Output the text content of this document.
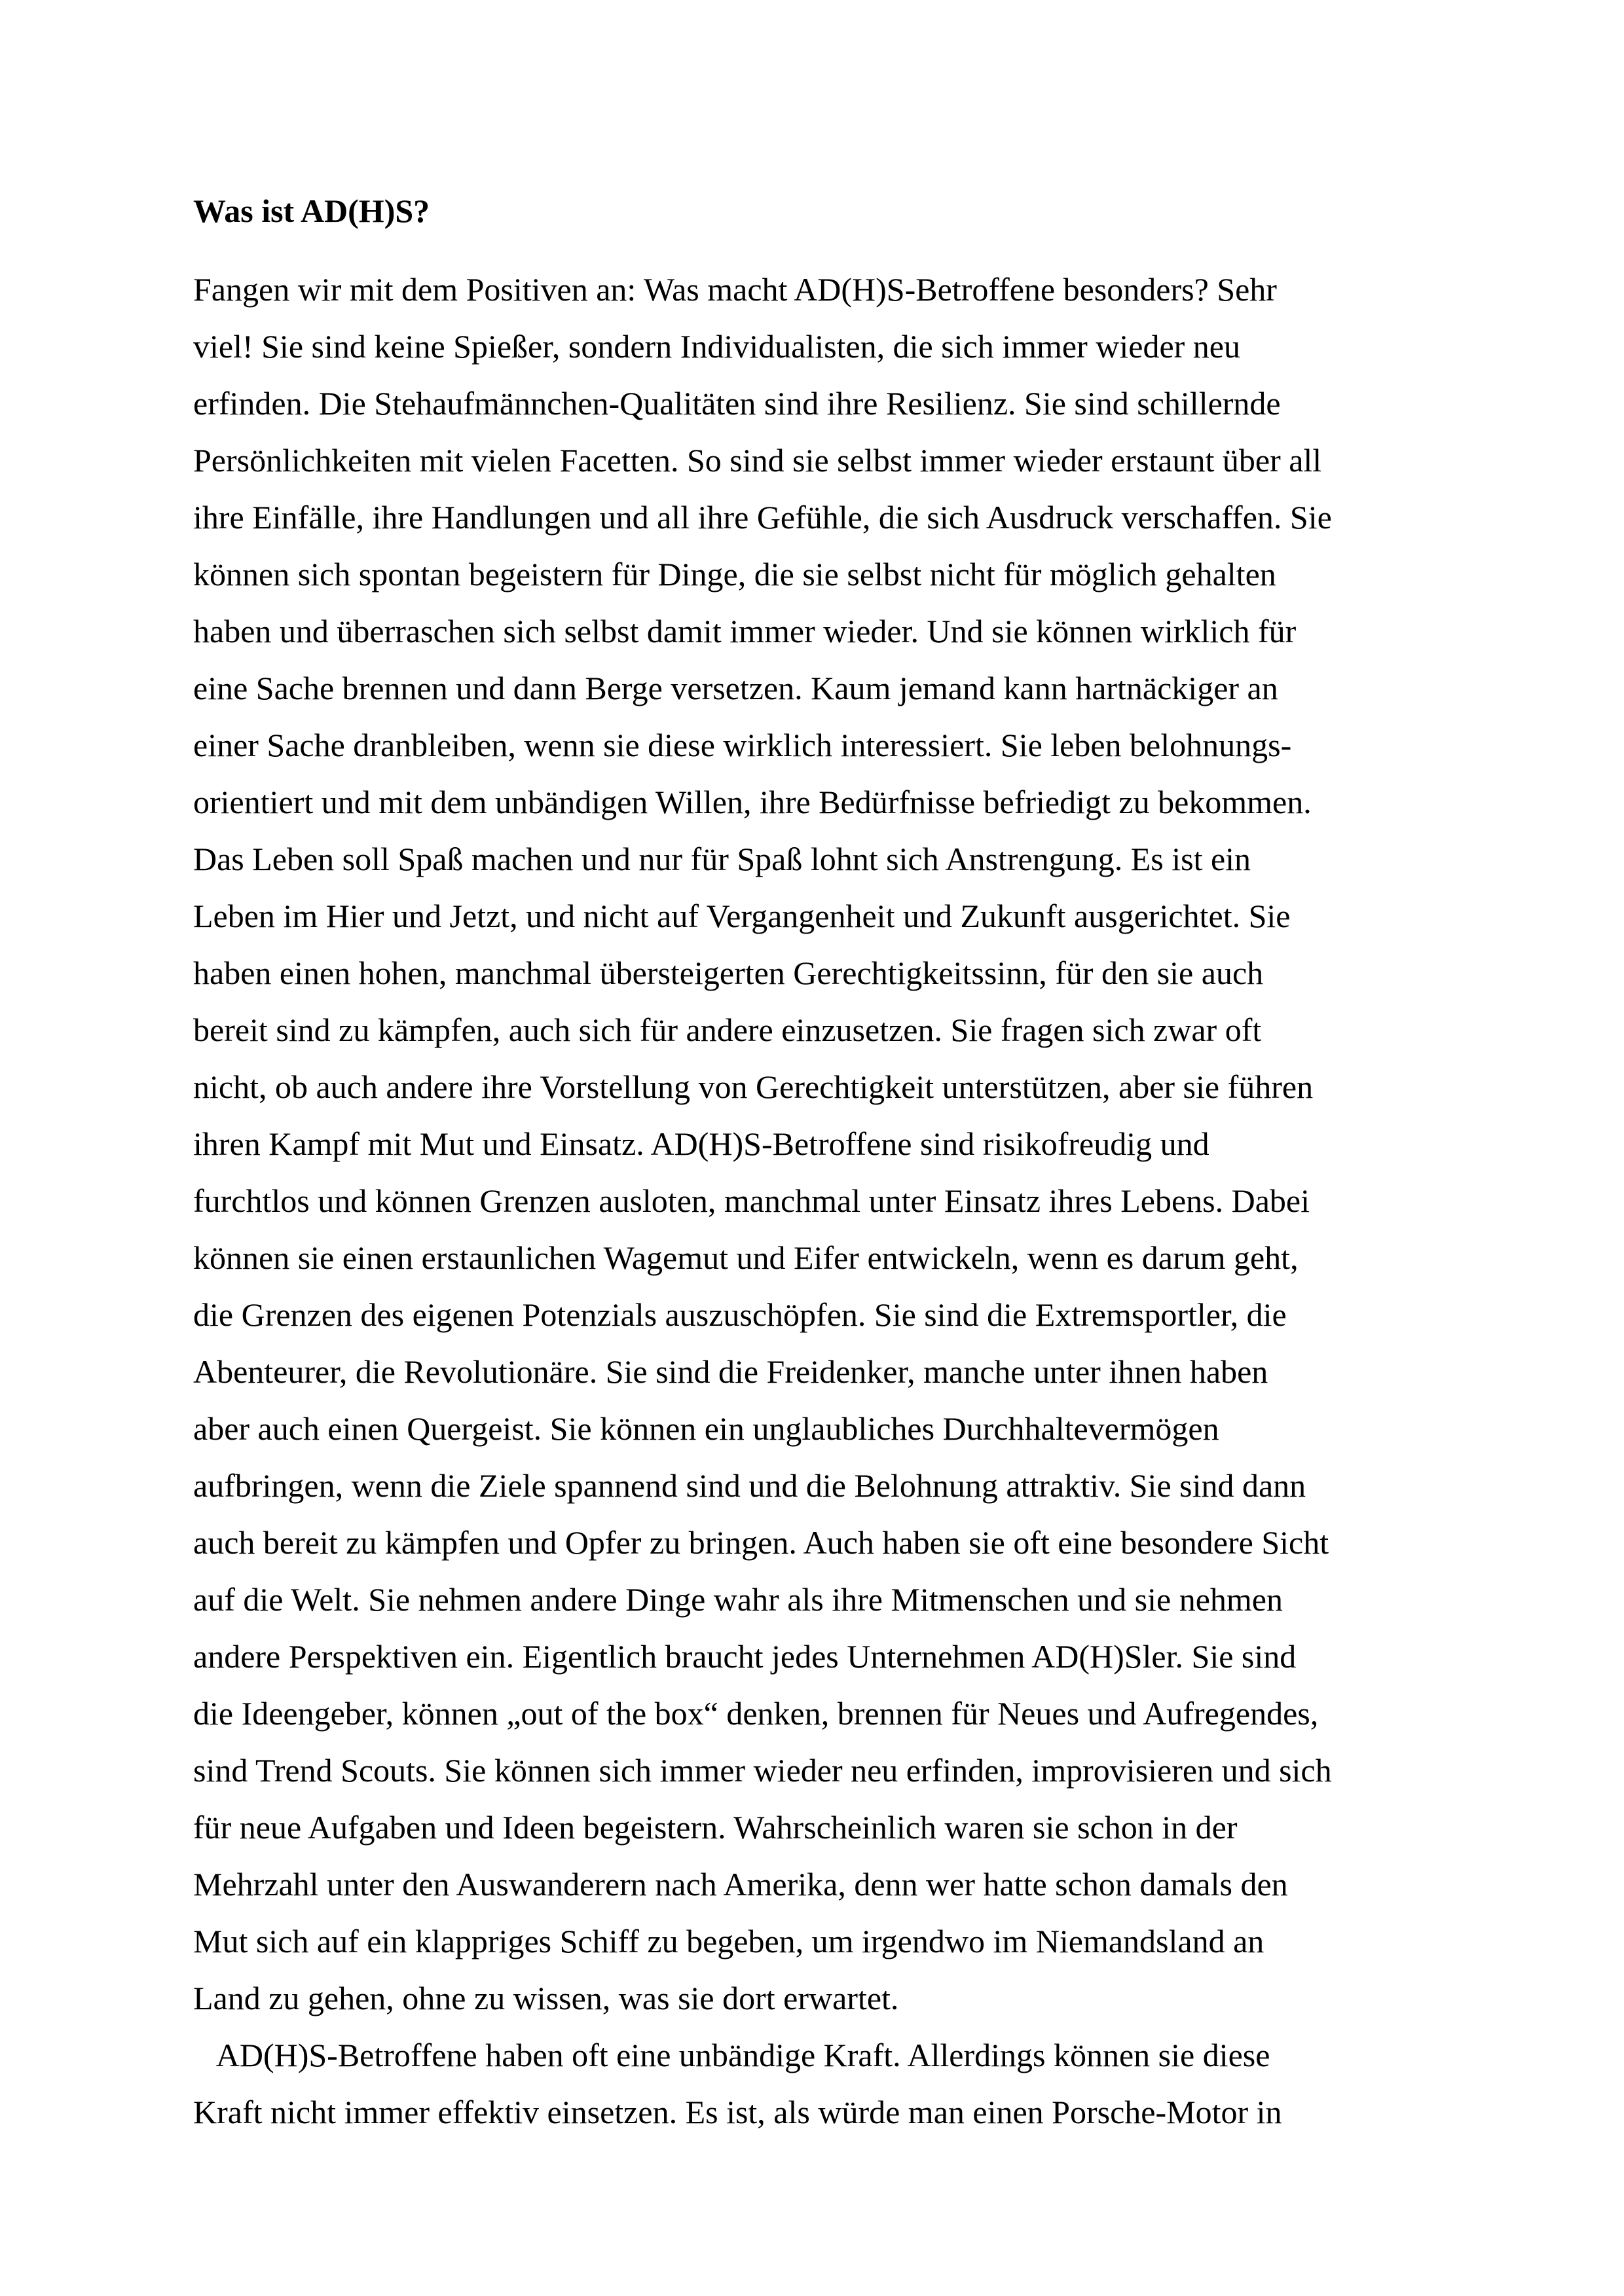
Was ist AD(H)S?
Fangen wir mit dem Positiven an: Was macht AD(H)S-Betroffene besonders? Sehr
viel! Sie sind keine Spießer, sondern Individualisten, die sich immer wieder neu
erfinden. Die Stehaufmännchen-Qualitäten sind ihre Resilienz. Sie sind schillernde
Persönlichkeiten mit vielen Facetten. So sind sie selbst immer wieder erstaunt über all
ihre Einfälle, ihre Handlungen und all ihre Gefühle, die sich Ausdruck verschaffen. Sie
können sich spontan begeistern für Dinge, die sie selbst nicht für möglich gehalten
haben und überraschen sich selbst damit immer wieder. Und sie können wirklich für
eine Sache brennen und dann Berge versetzen. Kaum jemand kann hartnäckiger an
einer Sache dranbleiben, wenn sie diese wirklich interessiert. Sie leben belohnungs-
orientiert und mit dem unbändigen Willen, ihre Bedürfnisse befriedigt zu bekommen.
Das Leben soll Spaß machen und nur für Spaß lohnt sich Anstrengung. Es ist ein
Leben im Hier und Jetzt, und nicht auf Vergangenheit und Zukunft ausgerichtet. Sie
haben einen hohen, manchmal übersteigerten Gerechtigkeitssinn, für den sie auch
bereit sind zu kämpfen, auch sich für andere einzusetzen. Sie fragen sich zwar oft
nicht, ob auch andere ihre Vorstellung von Gerechtigkeit unterstützen, aber sie führen
ihren Kampf mit Mut und Einsatz. AD(H)S-Betroffene sind risikofreudig und
furchtlos und können Grenzen ausloten, manchmal unter Einsatz ihres Lebens. Dabei
können sie einen erstaunlichen Wagemut und Eifer entwickeln, wenn es darum geht,
die Grenzen des eigenen Potenzials auszuschöpfen. Sie sind die Extremsportler, die
Abenteurer, die Revolutionäre. Sie sind die Freidenker, manche unter ihnen haben
aber auch einen Quergeist. Sie können ein unglaubliches Durchhaltevermögen
aufbringen, wenn die Ziele spannend sind und die Belohnung attraktiv. Sie sind dann
auch bereit zu kämpfen und Opfer zu bringen. Auch haben sie oft eine besondere Sicht
auf die Welt. Sie nehmen andere Dinge wahr als ihre Mitmenschen und sie nehmen
andere Perspektiven ein. Eigentlich braucht jedes Unternehmen AD(H)Sler. Sie sind
die Ideengeber, können „out of the box“ denken, brennen für Neues und Aufregendes,
sind Trend Scouts. Sie können sich immer wieder neu erfinden, improvisieren und sich
für neue Aufgaben und Ideen begeistern. Wahrscheinlich waren sie schon in der
Mehrzahl unter den Auswanderern nach Amerika, denn wer hatte schon damals den
Mut sich auf ein klappriges Schiff zu begeben, um irgendwo im Niemandsland an
Land zu gehen, ohne zu wissen, was sie dort erwartet.
AD(H)S-Betroffene haben oft eine unbändige Kraft. Allerdings können sie diese
Kraft nicht immer effektiv einsetzen. Es ist, als würde man einen Porsche-Motor in
